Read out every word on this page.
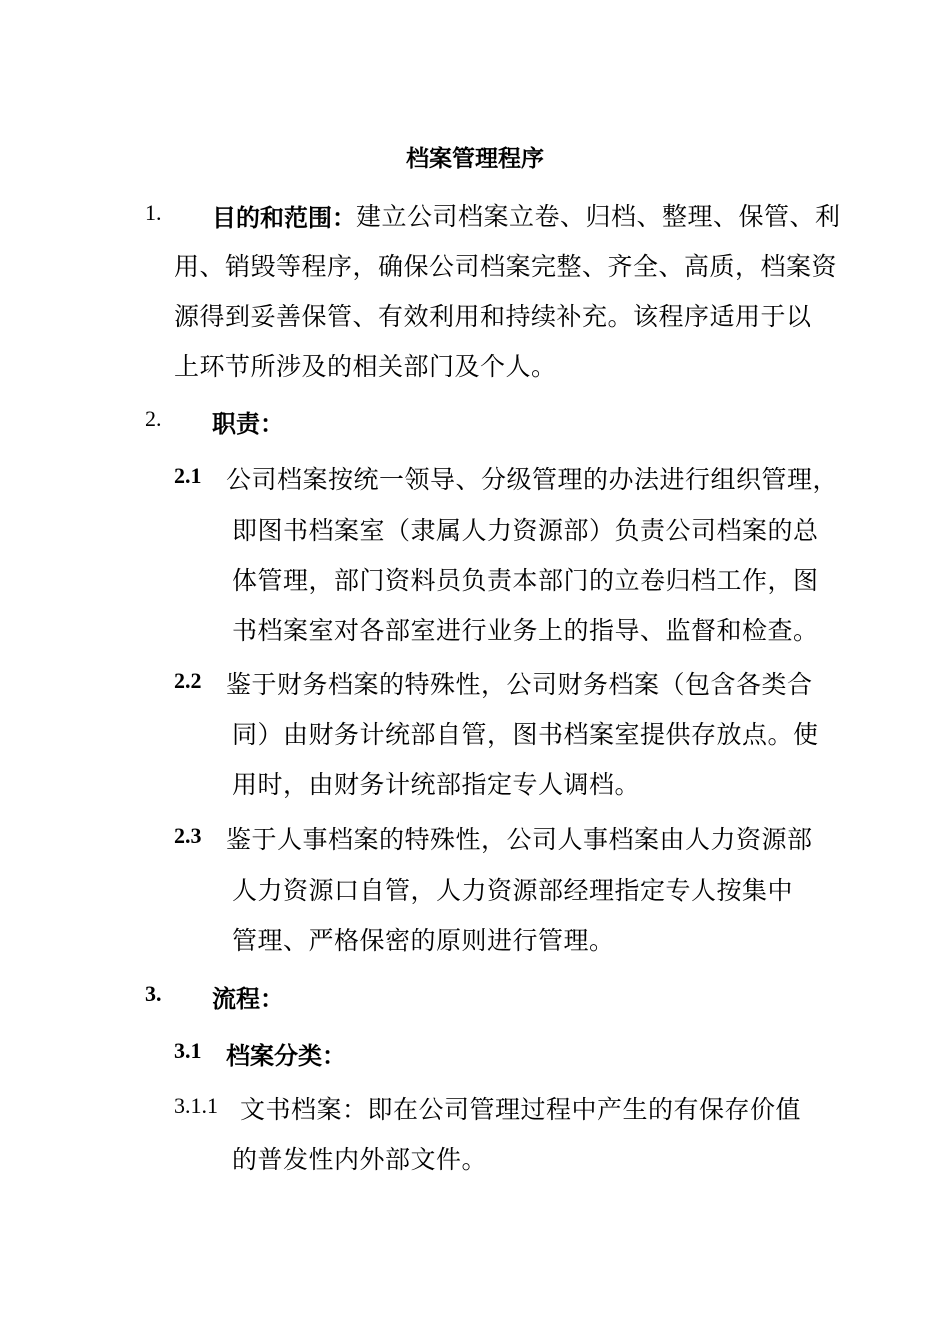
档案管理程序
1. 目的和范围： 建立公司档案立卷、归档、整理、保管、利
用、销毁等程序，确保公司档案完整、齐全、高质，档案资
源得到妥善保管、有效利用和持续补充。该程序适用于以
上环节所涉及的相关部门及个人。
2. 职责：
2.1 公司档案按统一领导、分级管理的办法进行组织管理，
即图书档案室（隶属人力资源部）负责公司档案的总
体管理，部门资料员负责本部门的立卷归档工作，图
书档案室对各部室进行业务上的指导、监督和检查。
2.2 鉴于财务档案的特殊性，公司财务档案（包含各类合
同）由财务计统部自管，图书档案室提供存放点。使
用时，由财务计统部指定专人调档。
2.3 鉴于人事档案的特殊性，公司人事档案由人力资源部
人力资源口自管，人力资源部经理指定专人按集中
管理、严格保密的原则进行管理。
3. 流程：
3.1 档案分类：
3.1.1 文书档案：即在公司管理过程中产生的有保存价值
的普发性内外部文件。
